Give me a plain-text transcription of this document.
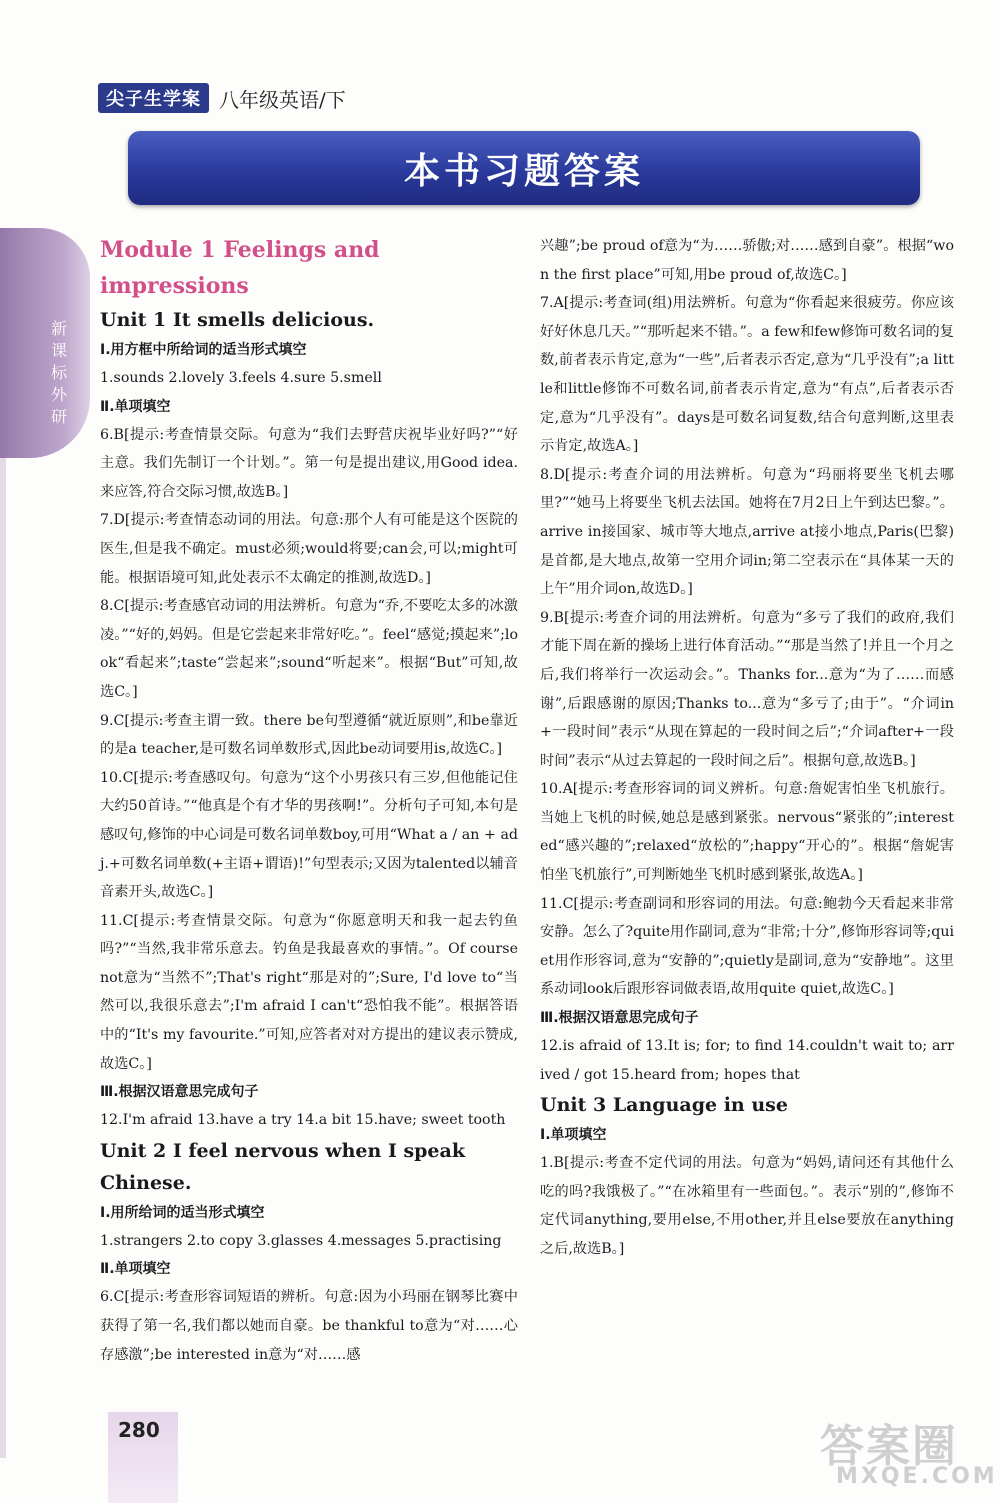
尖子生学案 八年级英语/下
本书习题答案
新课标 外研
Module 1 Feelings and impressions
Unit 1 It smells delicious.
Ⅰ.用方框中所给词的适当形式填空
1.sounds 2.lovely 3.feels 4.sure 5.smell
Ⅱ.单项填空
6.B[提示:考查情景交际。句意为“我们去野营庆祝毕业好吗?”“好主意。我们先制订一个计划。”。第一句是提出建议,用Good idea.来应答,符合交际习惯,故选B。]
7.D[提示:考查情态动词的用法。句意:那个人有可能是这个医院的医生,但是我不确定。must必须;would将要;can会,可以;might可能。根据语境可知,此处表示不太确定的推测,故选D。]
8.C[提示:考查感官动词的用法辨析。句意为“乔,不要吃太多的冰激凌。”“好的,妈妈。但是它尝起来非常好吃。”。feel“感觉;摸起来”;look“看起来”;taste“尝起来”;sound“听起来”。根据“But”可知,故选C。]
9.C[提示:考查主谓一致。there be句型遵循“就近原则”,和be靠近的是a teacher,是可数名词单数形式,因此be动词要用is,故选C。]
10.C[提示:考查感叹句。句意为“这个小男孩只有三岁,但他能记住大约50首诗。”“他真是个有才华的男孩啊!”。分析句子可知,本句是感叹句,修饰的中心词是可数名词单数boy,可用“What a / an + adj.+可数名词单数(+主语+谓语)!”句型表示;又因为talented以辅音音素开头,故选C。]
11.C[提示:考查情景交际。句意为“你愿意明天和我一起去钓鱼吗?”“当然,我非常乐意去。钓鱼是我最喜欢的事情。”。Of course not意为“当然不”;That's right“那是对的”;Sure, I'd love to“当然可以,我很乐意去”;I'm afraid I can't“恐怕我不能”。根据答语中的“It's my favourite.”可知,应答者对对方提出的建议表示赞成,故选C。]
Ⅲ.根据汉语意思完成句子
12.I'm afraid 13.have a try 14.a bit 15.have; sweet tooth
Unit 2 I feel nervous when I speak Chinese.
Ⅰ.用所给词的适当形式填空
1.strangers 2.to copy 3.glasses 4.messages 5.practising
Ⅱ.单项填空
6.C[提示:考查形容词短语的辨析。句意:因为小玛丽在钢琴比赛中获得了第一名,我们都以她而自豪。be thankful to意为“对……心存感激”;be interested in意为“对……感
兴趣”;be proud of意为“为……骄傲;对……感到自豪”。根据“won the first place”可知,用be proud of,故选C。]
7.A[提示:考查词(组)用法辨析。句意为“你看起来很疲劳。你应该好好休息几天。”“那听起来不错。”。a few和few修饰可数名词的复数,前者表示肯定,意为“一些”,后者表示否定,意为“几乎没有”;a little和little修饰不可数名词,前者表示肯定,意为“有点”,后者表示否定,意为“几乎没有”。days是可数名词复数,结合句意判断,这里表示肯定,故选A。]
8.D[提示:考查介词的用法辨析。句意为“玛丽将要坐飞机去哪里?”“她马上将要坐飞机去法国。她将在7月2日上午到达巴黎。”。arrive in接国家、城市等大地点,arrive at接小地点,Paris(巴黎)是首都,是大地点,故第一空用介词in;第二空表示在“具体某一天的上午”用介词on,故选D。]
9.B[提示:考查介词的用法辨析。句意为“多亏了我们的政府,我们才能下周在新的操场上进行体育活动。”“那是当然了!并且一个月之后,我们将举行一次运动会。”。Thanks for...意为“为了……而感谢”,后跟感谢的原因;Thanks to...意为“多亏了;由于”。“介词in+一段时间”表示“从现在算起的一段时间之后”;“介词after+一段时间”表示“从过去算起的一段时间之后”。根据句意,故选B。]
10.A[提示:考查形容词的词义辨析。句意:詹妮害怕坐飞机旅行。当她上飞机的时候,她总是感到紧张。nervous“紧张的”;interested“感兴趣的”;relaxed“放松的”;happy“开心的”。根据“詹妮害怕坐飞机旅行”,可判断她坐飞机时感到紧张,故选A。]
11.C[提示:考查副词和形容词的用法。句意:鲍勃今天看起来非常安静。怎么了?quite用作副词,意为“非常;十分”,修饰形容词等;quiet用作形容词,意为“安静的”;quietly是副词,意为“安静地”。这里系动词look后跟形容词做表语,故用quite quiet,故选C。]
Ⅲ.根据汉语意思完成句子
12.is afraid of 13.It is; for; to find 14.couldn't wait to; arrived / got 15.heard from; hopes that
Unit 3 Language in use
Ⅰ.单项填空
1.B[提示:考查不定代词的用法。句意为“妈妈,请问还有其他什么吃的吗?我饿极了。”“在冰箱里有一些面包。”。表示“别的”,修饰不定代词anything,要用else,不用other,并且else要放在anything之后,故选B。]
280	答案圈
MXQE.COM
